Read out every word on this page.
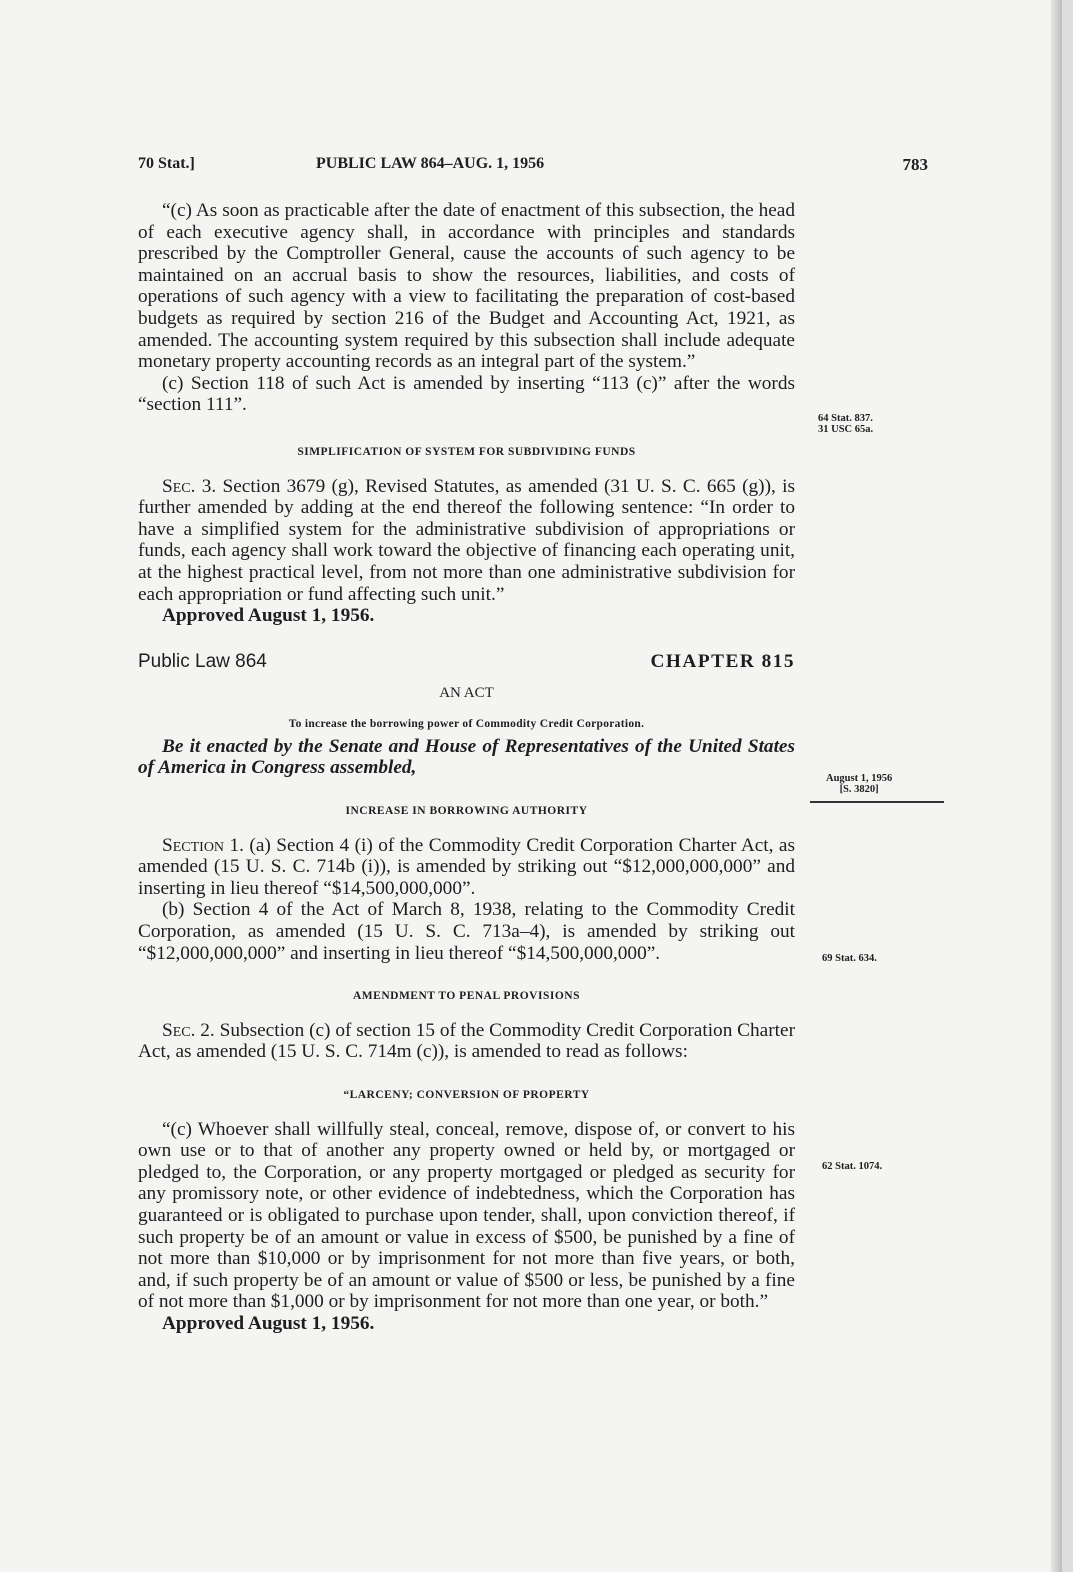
70 Stat.]	PUBLIC LAW 864–AUG. 1, 1956	783

“(c) As soon as practicable after the date of enactment of this subsection, the head of each executive agency shall, in accordance with principles and standards prescribed by the Comptroller General, cause the accounts of such agency to be maintained on an accrual basis to show the resources, liabilities, and costs of operations of such agency with a view to facilitating the preparation of cost-based budgets as required by section 216 of the Budget and Accounting Act, 1921, as amended. The accounting system required by this subsection shall include adequate monetary property accounting records as an integral part of the system.”

(c) Section 118 of such Act is amended by inserting “113 (c)” after the words “section 111”.

SIMPLIFICATION OF SYSTEM FOR SUBDIVIDING FUNDS

Sec. 3. Section 3679 (g), Revised Statutes, as amended (31 U. S. C. 665 (g)), is further amended by adding at the end thereof the following sentence: “In order to have a simplified system for the administrative subdivision of appropriations or funds, each agency shall work toward the objective of financing each operating unit, at the highest practical level, from not more than one administrative subdivision for each appropriation or fund affecting such unit.”

Approved August 1, 1956.

Public Law 864	CHAPTER 815
AN ACT
To increase the borrowing power of Commodity Credit Corporation.

Be it enacted by the Senate and House of Representatives of the United States of America in Congress assembled,

INCREASE IN BORROWING AUTHORITY

Section 1. (a) Section 4 (i) of the Commodity Credit Corporation Charter Act, as amended (15 U. S. C. 714b (i)), is amended by striking out “$12,000,000,000” and inserting in lieu thereof “$14,500,000,000”.

(b) Section 4 of the Act of March 8, 1938, relating to the Commodity Credit Corporation, as amended (15 U. S. C. 713a–4), is amended by striking out “$12,000,000,000” and inserting in lieu thereof “$14,500,000,000”.

AMENDMENT TO PENAL PROVISIONS

Sec. 2. Subsection (c) of section 15 of the Commodity Credit Corporation Charter Act, as amended (15 U. S. C. 714m (c)), is amended to read as follows:

“LARCENY; CONVERSION OF PROPERTY

“(c) Whoever shall willfully steal, conceal, remove, dispose of, or convert to his own use or to that of another any property owned or held by, or mortgaged or pledged to, the Corporation, or any property mortgaged or pledged as security for any promissory note, or other evidence of indebtedness, which the Corporation has guaranteed or is obligated to purchase upon tender, shall, upon conviction thereof, if such property be of an amount or value in excess of $500, be punished by a fine of not more than $10,000 or by imprisonment for not more than five years, or both, and, if such property be of an amount or value of $500 or less, be punished by a fine of not more than $1,000 or by imprisonment for not more than one year, or both.”

Approved August 1, 1956.

64 Stat. 837.
31 USC 65a.
August 1, 1956
[S. 3820]
69 Stat. 634.
62 Stat. 1074.
